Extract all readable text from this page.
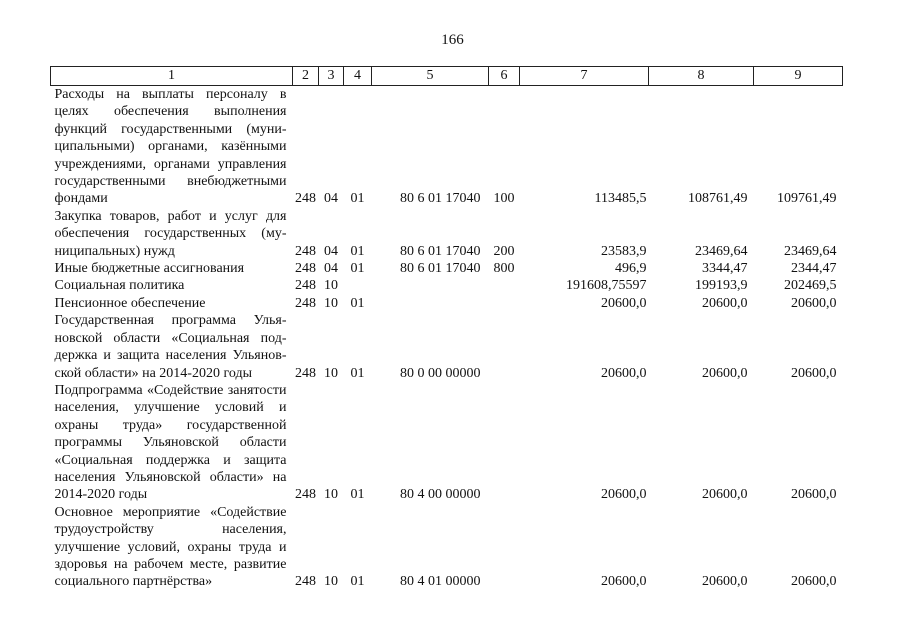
166
1	2	3	4	5	6	7	8	9
Расходы на выплаты персоналу в целях обеспечения выполнения функций государственными (муниципальными) органами, казёнными учреждениями, органами управления государственными внебюджетными фондами	248	04	01	80 6 01 17040	100	113485,5	108761,49	109761,49
Закупка товаров, работ и услуг для обеспечения государственных (муниципальных) нужд	248	04	01	80 6 01 17040	200	23583,9	23469,64	23469,64
Иные бюджетные ассигнования	248	04	01	80 6 01 17040	800	496,9	3344,47	2344,47
Социальная политика	248	10				191608,75597	199193,9	202469,5
Пенсионное обеспечение	248	10	01			20600,0	20600,0	20600,0
Государственная программа Ульяновской области «Социальная поддержка и защита населения Ульяновской области» на 2014-2020 годы	248	10	01	80 0 00 00000		20600,0	20600,0	20600,0
Подпрограмма «Содействие занятости населения, улучшение условий и охраны труда» государственной программы Ульяновской области «Социальная поддержка и защита населения Ульяновской области» на 2014-2020 годы	248	10	01	80 4 00 00000		20600,0	20600,0	20600,0
Основное мероприятие «Содействие трудоустройству населения, улучшение условий, охраны труда и здоровья на рабочем месте, развитие социального партнёрства»	248	10	01	80 4 01 00000		20600,0	20600,0	20600,0
